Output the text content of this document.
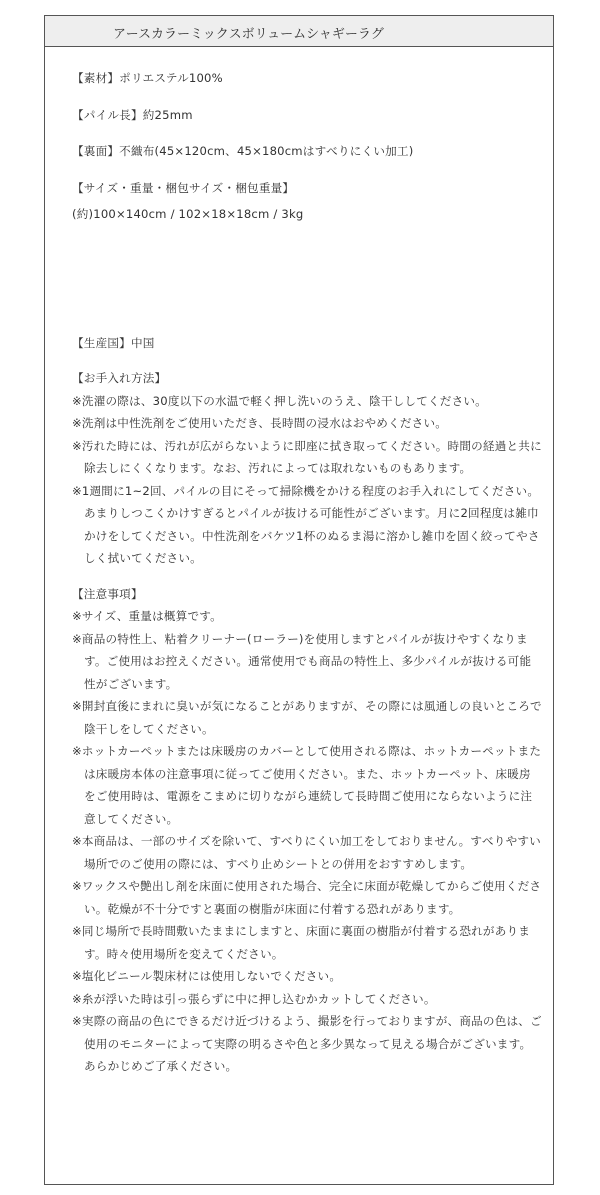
アースカラーミックスボリュームシャギーラグ

【素材】ポリエステル100%

【パイル長】約25mm

【裏面】不織布(45×120cm、45×180cmはすべりにくい加工)

【サイズ・重量・梱包サイズ・梱包重量】

(約)100×140cm / 102×18×18cm / 3kg

【生産国】中国

【お手入れ方法】

※洗濯の際は、30度以下の水温で軽く押し洗いのうえ、陰干ししてください。

※洗剤は中性洗剤をご使用いただき、長時間の浸水はおやめください。

※汚れた時には、汚れが広がらないように即座に拭き取ってください。時間の経過と共に除去しにくくなります。なお、汚れによっては取れないものもあります。

※1週間に1~2回、パイルの目にそって掃除機をかける程度のお手入れにしてください。あまりしつこくかけすぎるとパイルが抜ける可能性がございます。月に2回程度は雑巾かけをしてください。中性洗剤をバケツ1杯のぬるま湯に溶かし雑巾を固く絞ってやさしく拭いてください。

【注意事項】

※サイズ、重量は概算です。

※商品の特性上、粘着クリーナー(ローラー)を使用しますとパイルが抜けやすくなります。ご使用はお控えください。通常使用でも商品の特性上、多少パイルが抜ける可能性がございます。

※開封直後にまれに臭いが気になることがありますが、その際には風通しの良いところで陰干しをしてください。

※ホットカーペットまたは床暖房のカバーとして使用される際は、ホットカーペットまたは床暖房本体の注意事項に従ってご使用ください。また、ホットカーペット、床暖房をご使用時は、電源をこまめに切りながら連続して長時間ご使用にならないように注意してください。

※本商品は、一部のサイズを除いて、すべりにくい加工をしておりません。すべりやすい場所でのご使用の際には、すべり止めシートとの併用をおすすめします。

※ワックスや艶出し剤を床面に使用された場合、完全に床面が乾燥してからご使用ください。乾燥が不十分ですと裏面の樹脂が床面に付着する恐れがあります。

※同じ場所で長時間敷いたままにしますと、床面に裏面の樹脂が付着する恐れがあります。時々使用場所を変えてください。

※塩化ビニール製床材には使用しないでください。

※糸が浮いた時は引っ張らずに中に押し込むかカットしてください。

※実際の商品の色にできるだけ近づけるよう、撮影を行っておりますが、商品の色は、ご使用のモニターによって実際の明るさや色と多少異なって見える場合がございます。あらかじめご了承ください。
